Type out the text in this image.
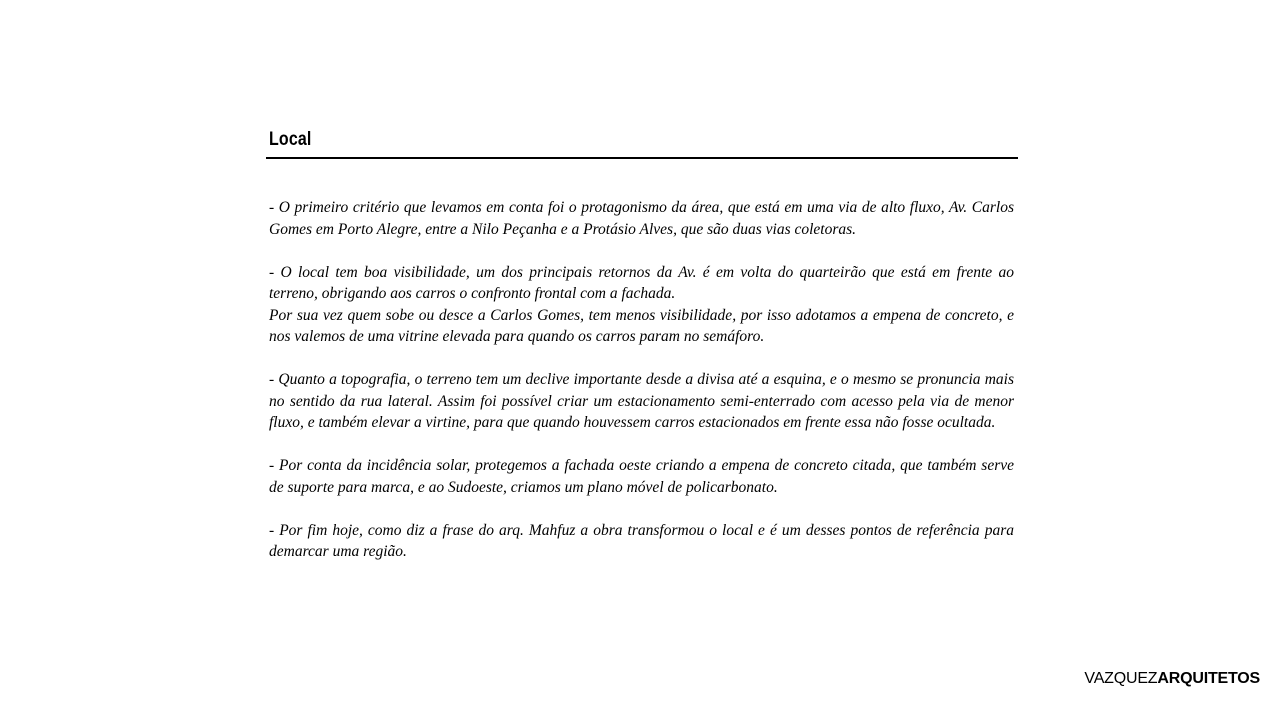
Local

- O primeiro critério que levamos em conta foi o protagonismo da área, que está em uma via de alto fluxo, Av. Carlos Gomes em Porto Alegre, entre a Nilo Peçanha e a Protásio Alves, que são duas vias coletoras.

- O local tem boa visibilidade, um dos principais retornos da Av. é em volta do quarteirão que está em frente ao terreno, obrigando aos carros o confronto frontal com a fachada.
Por sua vez quem sobe ou desce a Carlos Gomes, tem menos visibilidade, por isso adotamos a empena de concreto, e nos valemos de uma vitrine elevada para quando os carros param no semáforo.

- Quanto a topografia, o terreno tem um declive importante desde a divisa até a esquina, e o mesmo se pronuncia mais no sentido da rua lateral. Assim foi possível criar um estacionamento semi-enterrado com acesso pela via de menor fluxo, e também elevar a virtine, para que quando houvessem carros estacionados em frente essa não fosse ocultada.

- Por conta da incidência solar, protegemos a fachada oeste criando a empena de concreto citada, que também serve de suporte para marca, e ao Sudoeste, criamos um plano móvel de policarbonato.

- Por fim hoje, como diz a frase do arq. Mahfuz a obra transformou o local e é um desses pontos de referência para demarcar uma região.

VAZQUEZARQUITETOS
